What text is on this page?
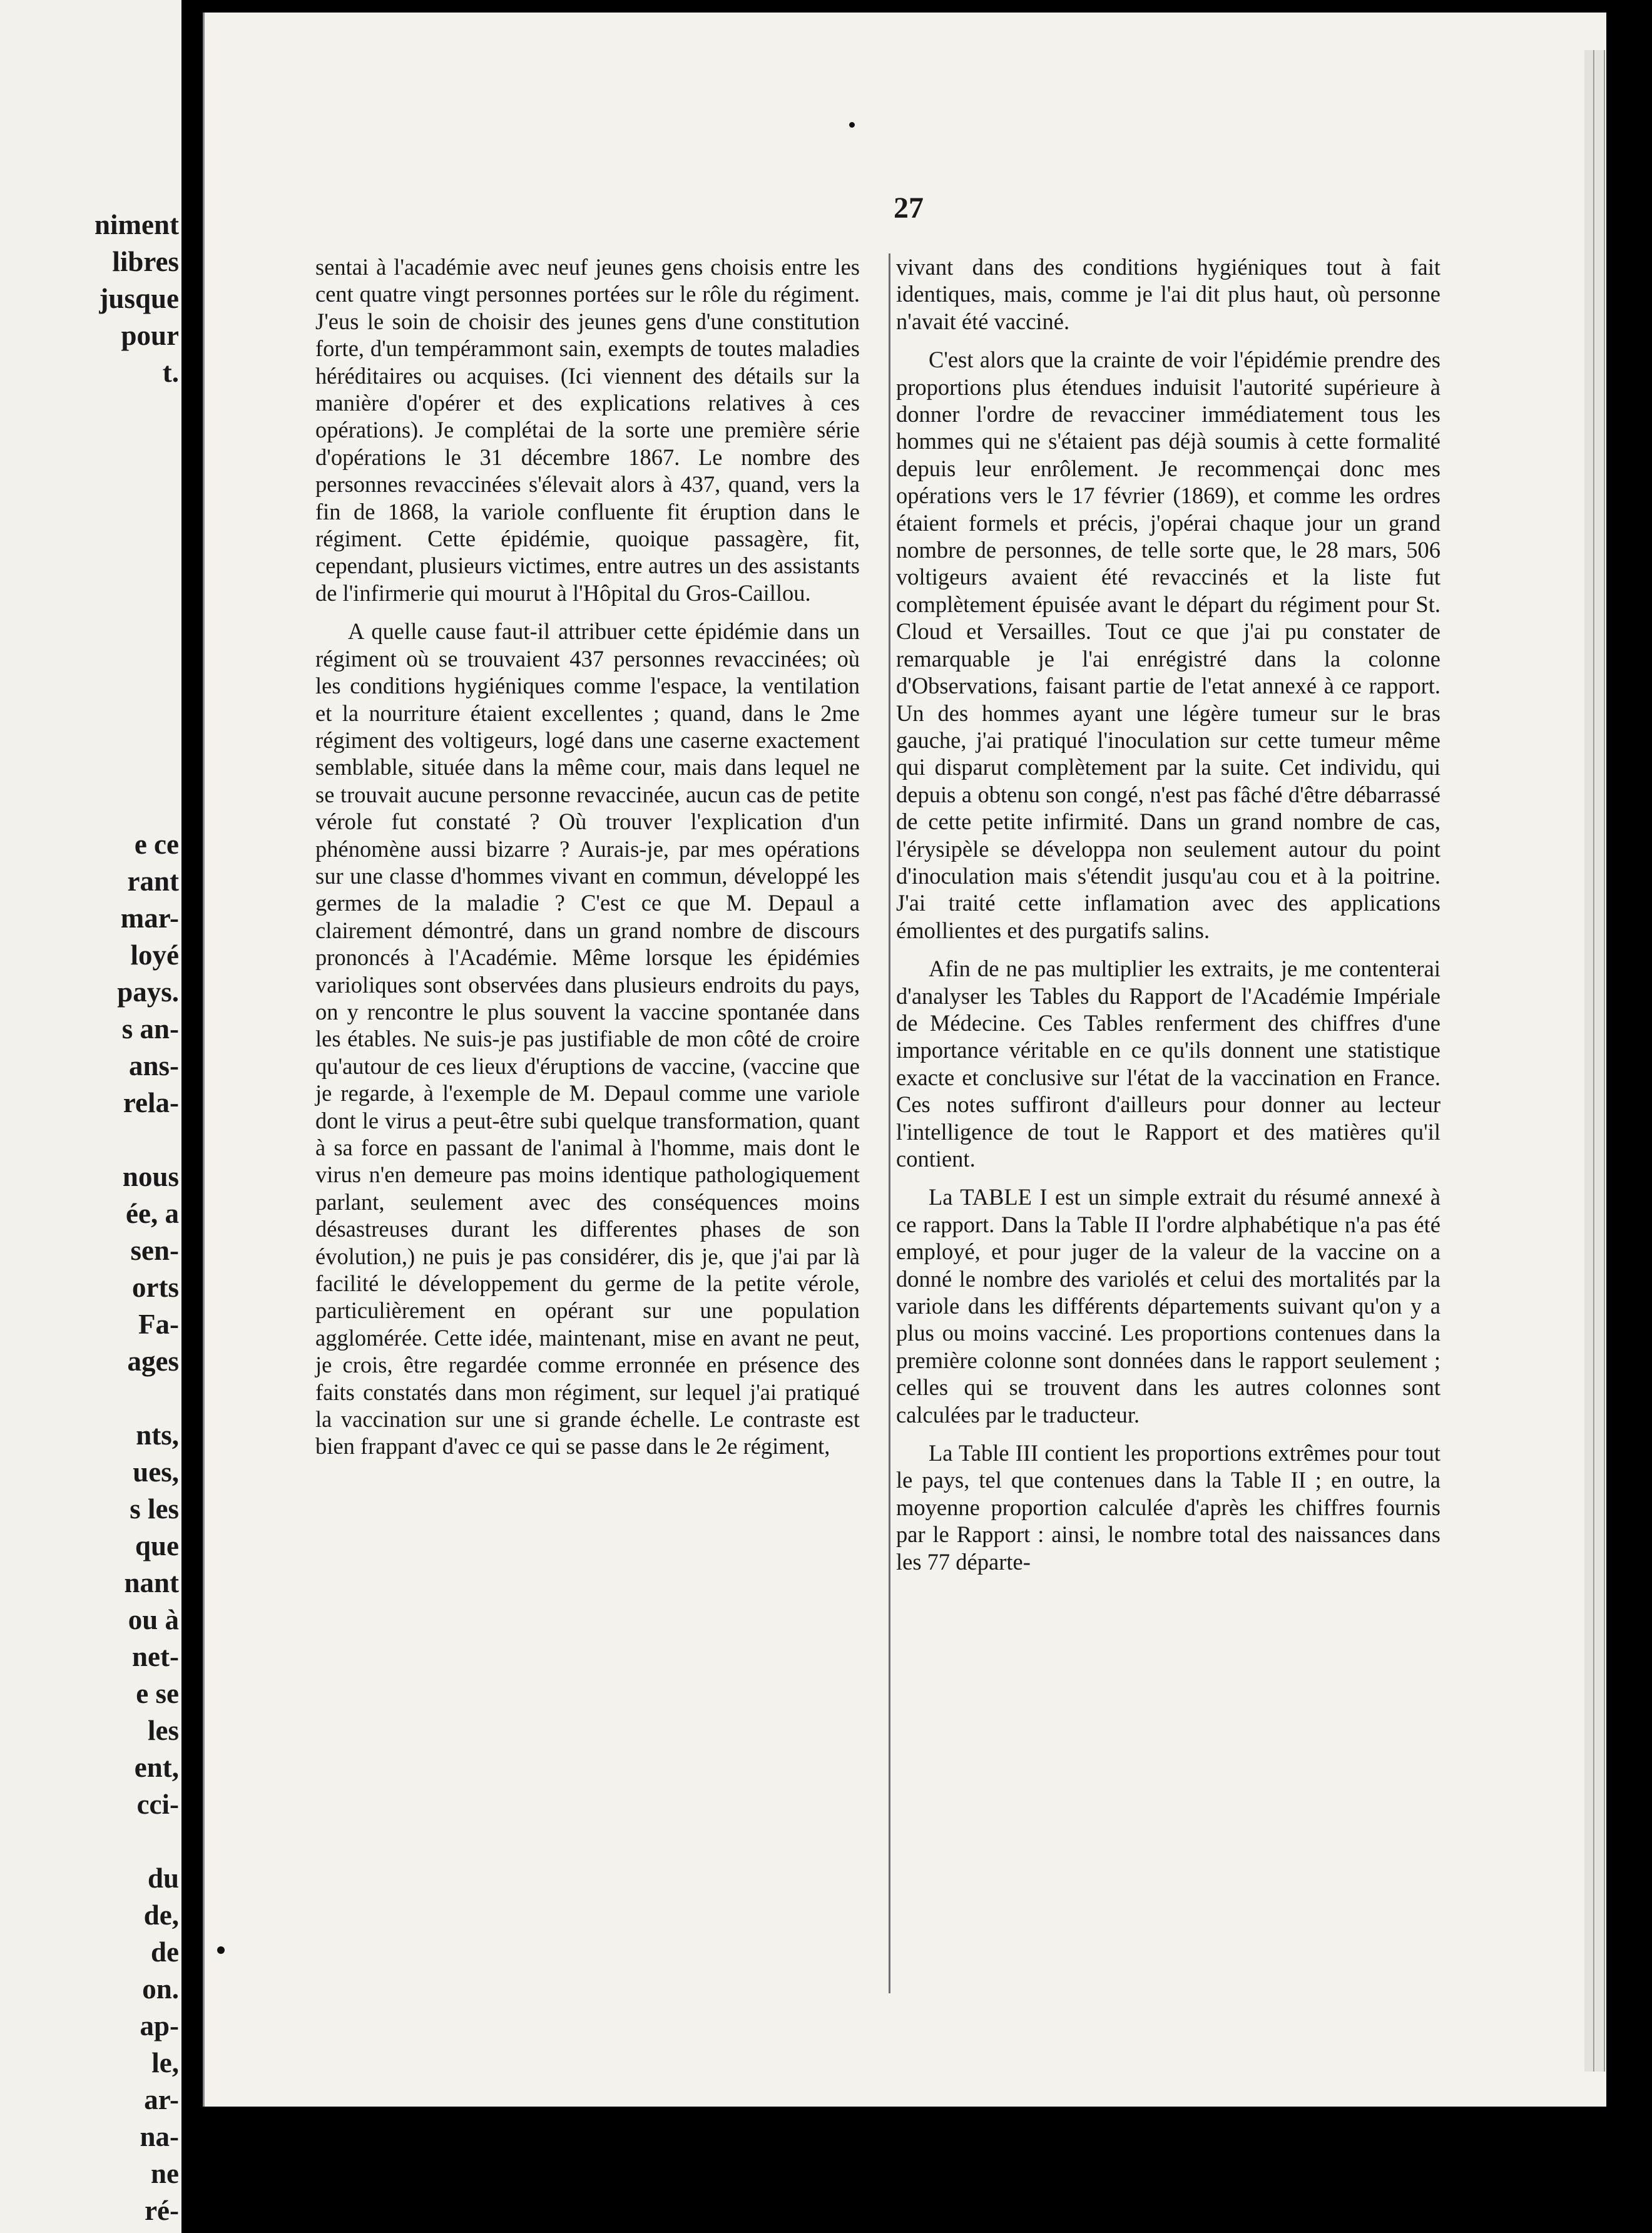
niment
libres
jusque
pour
t.
e ce
rant
mar-
loyé
pays.
s an-
ans-
rela-

nous
ée, a
sen-
orts
Fa-
ages

nts,
ues,
s les
que
nant
ou à
net-
e se
les
ent,
cci-

du
de,
de
on.
ap-
le,
ar-
na-
ne
ré-
27

sentai à l'académie avec neuf jeunes gens choisis entre les cent quatre vingt personnes portées sur le rôle du régiment. J'eus le soin de choisir des jeunes gens d'une constitution forte, d'un tempérammont sain, exempts de toutes maladies héréditaires ou acquises. (Ici viennent des détails sur la manière d'opérer et des explications relatives à ces opérations). Je complétai de la sorte une première série d'opérations le 31 décembre 1867. Le nombre des personnes revaccinées s'élevait alors à 437, quand, vers la fin de 1868, la variole confluente fit éruption dans le régiment. Cette épidémie, quoique passagère, fit, cependant, plusieurs victimes, entre autres un des assistants de l'infirmerie qui mourut à l'Hôpital du Gros-Caillou.

A quelle cause faut-il attribuer cette épidémie dans un régiment où se trouvaient 437 personnes revaccinées; où les conditions hygiéniques comme l'espace, la ventilation et la nourriture étaient excellentes ; quand, dans le 2me régiment des voltigeurs, logé dans une caserne exactement semblable, située dans la même cour, mais dans lequel ne se trouvait aucune personne revaccinée, aucun cas de petite vérole fut constaté ? Où trouver l'explication d'un phénomène aussi bizarre ? Aurais-je, par mes opérations sur une classe d'hommes vivant en commun, développé les germes de la maladie ? C'est ce que M. Depaul a clairement démontré, dans un grand nombre de discours prononcés à l'Académie. Même lorsque les épidémies varioliques sont observées dans plusieurs endroits du pays, on y rencontre le plus souvent la vaccine spontanée dans les étables. Ne suis-je pas justifiable de mon côté de croire qu'autour de ces lieux d'éruptions de vaccine, (vaccine que je regarde, à l'exemple de M. Depaul comme une variole dont le virus a peut-être subi quelque transformation, quant à sa force en passant de l'animal à l'homme, mais dont le virus n'en demeure pas moins identique pathologiquement parlant, seulement avec des conséquences moins désastreuses durant les differentes phases de son évolution,) ne puis je pas considérer, dis je, que j'ai par là facilité le développement du germe de la petite vérole, particulièrement en opérant sur une population agglomérée. Cette idée, maintenant, mise en avant ne peut, je crois, être regardée comme erronnée en présence des faits constatés dans mon régiment, sur lequel j'ai pratiqué la vaccination sur une si grande échelle. Le contraste est bien frappant d'avec ce qui se passe dans le 2e régiment,

vivant dans des conditions hygiéniques tout à fait identiques, mais, comme je l'ai dit plus haut, où personne n'avait été vacciné.

C'est alors que la crainte de voir l'épidémie prendre des proportions plus étendues induisit l'autorité supérieure à donner l'ordre de revacciner immédiatement tous les hommes qui ne s'étaient pas déjà soumis à cette formalité depuis leur enrôlement. Je recommençai donc mes opérations vers le 17 février (1869), et comme les ordres étaient formels et précis, j'opérai chaque jour un grand nombre de personnes, de telle sorte que, le 28 mars, 506 voltigeurs avaient été revaccinés et la liste fut complètement épuisée avant le départ du régiment pour St. Cloud et Versailles. Tout ce que j'ai pu constater de remarquable je l'ai enrégistré dans la colonne d'Observations, faisant partie de l'etat annexé à ce rapport. Un des hommes ayant une légère tumeur sur le bras gauche, j'ai pratiqué l'inoculation sur cette tumeur même qui disparut complètement par la suite. Cet individu, qui depuis a obtenu son congé, n'est pas fâché d'être débarrassé de cette petite infirmité. Dans un grand nombre de cas, l'érysipèle se développa non seulement autour du point d'inoculation mais s'étendit jusqu'au cou et à la poitrine. J'ai traité cette inflamation avec des applications émollientes et des purgatifs salins.

Afin de ne pas multiplier les extraits, je me contenterai d'analyser les Tables du Rapport de l'Académie Impériale de Médecine. Ces Tables renferment des chiffres d'une importance véritable en ce qu'ils donnent une statistique exacte et conclusive sur l'état de la vaccination en France. Ces notes suffiront d'ailleurs pour donner au lecteur l'intelligence de tout le Rapport et des matières qu'il contient.

La TABLE I est un simple extrait du résumé annexé à ce rapport. Dans la Table II l'ordre alphabétique n'a pas été employé, et pour juger de la valeur de la vaccine on a donné le nombre des variolés et celui des mortalités par la variole dans les différents départements suivant qu'on y a plus ou moins vacciné. Les proportions contenues dans la première colonne sont données dans le rapport seulement ; celles qui se trouvent dans les autres colonnes sont calculées par le traducteur.

La Table III contient les proportions extrêmes pour tout le pays, tel que contenues dans la Table II ; en outre, la moyenne proportion calculée d'après les chiffres fournis par le Rapport : ainsi, le nombre total des naissances dans les 77 départe-
